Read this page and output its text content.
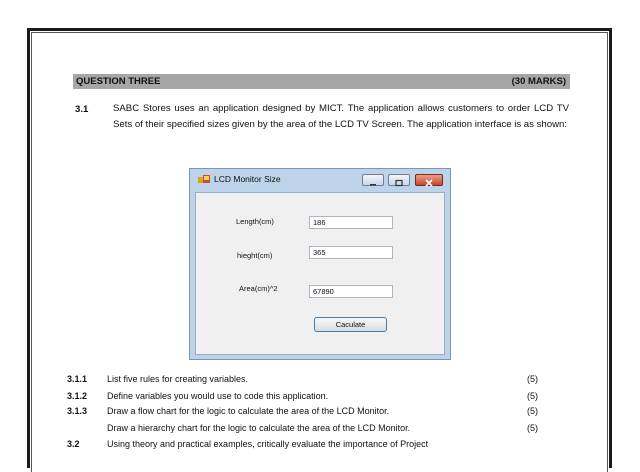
QUESTION THREE	(30 MARKS)
3.1	SABC Stores uses an application designed by MICT. The application allows customers to order LCD TV Sets of their specified sizes given by the area of the LCD TV Screen. The application interface is as shown:
LCD Monitor Size
Length(cm)	186
hieght(cm)	365
Area(cm)^2	67890
Caculate
3.1.1 List five rules for creating variables.	(5)
3.1.2 Define variables you would use to code this application.	(5)
3.1.3 Draw a flow chart for the logic to calculate the area of the LCD Monitor.	(5)
Draw a hierarchy chart for the logic to calculate the area of the LCD Monitor.	(5)
3.2	Using theory and practical examples, critically evaluate the importance of Project
